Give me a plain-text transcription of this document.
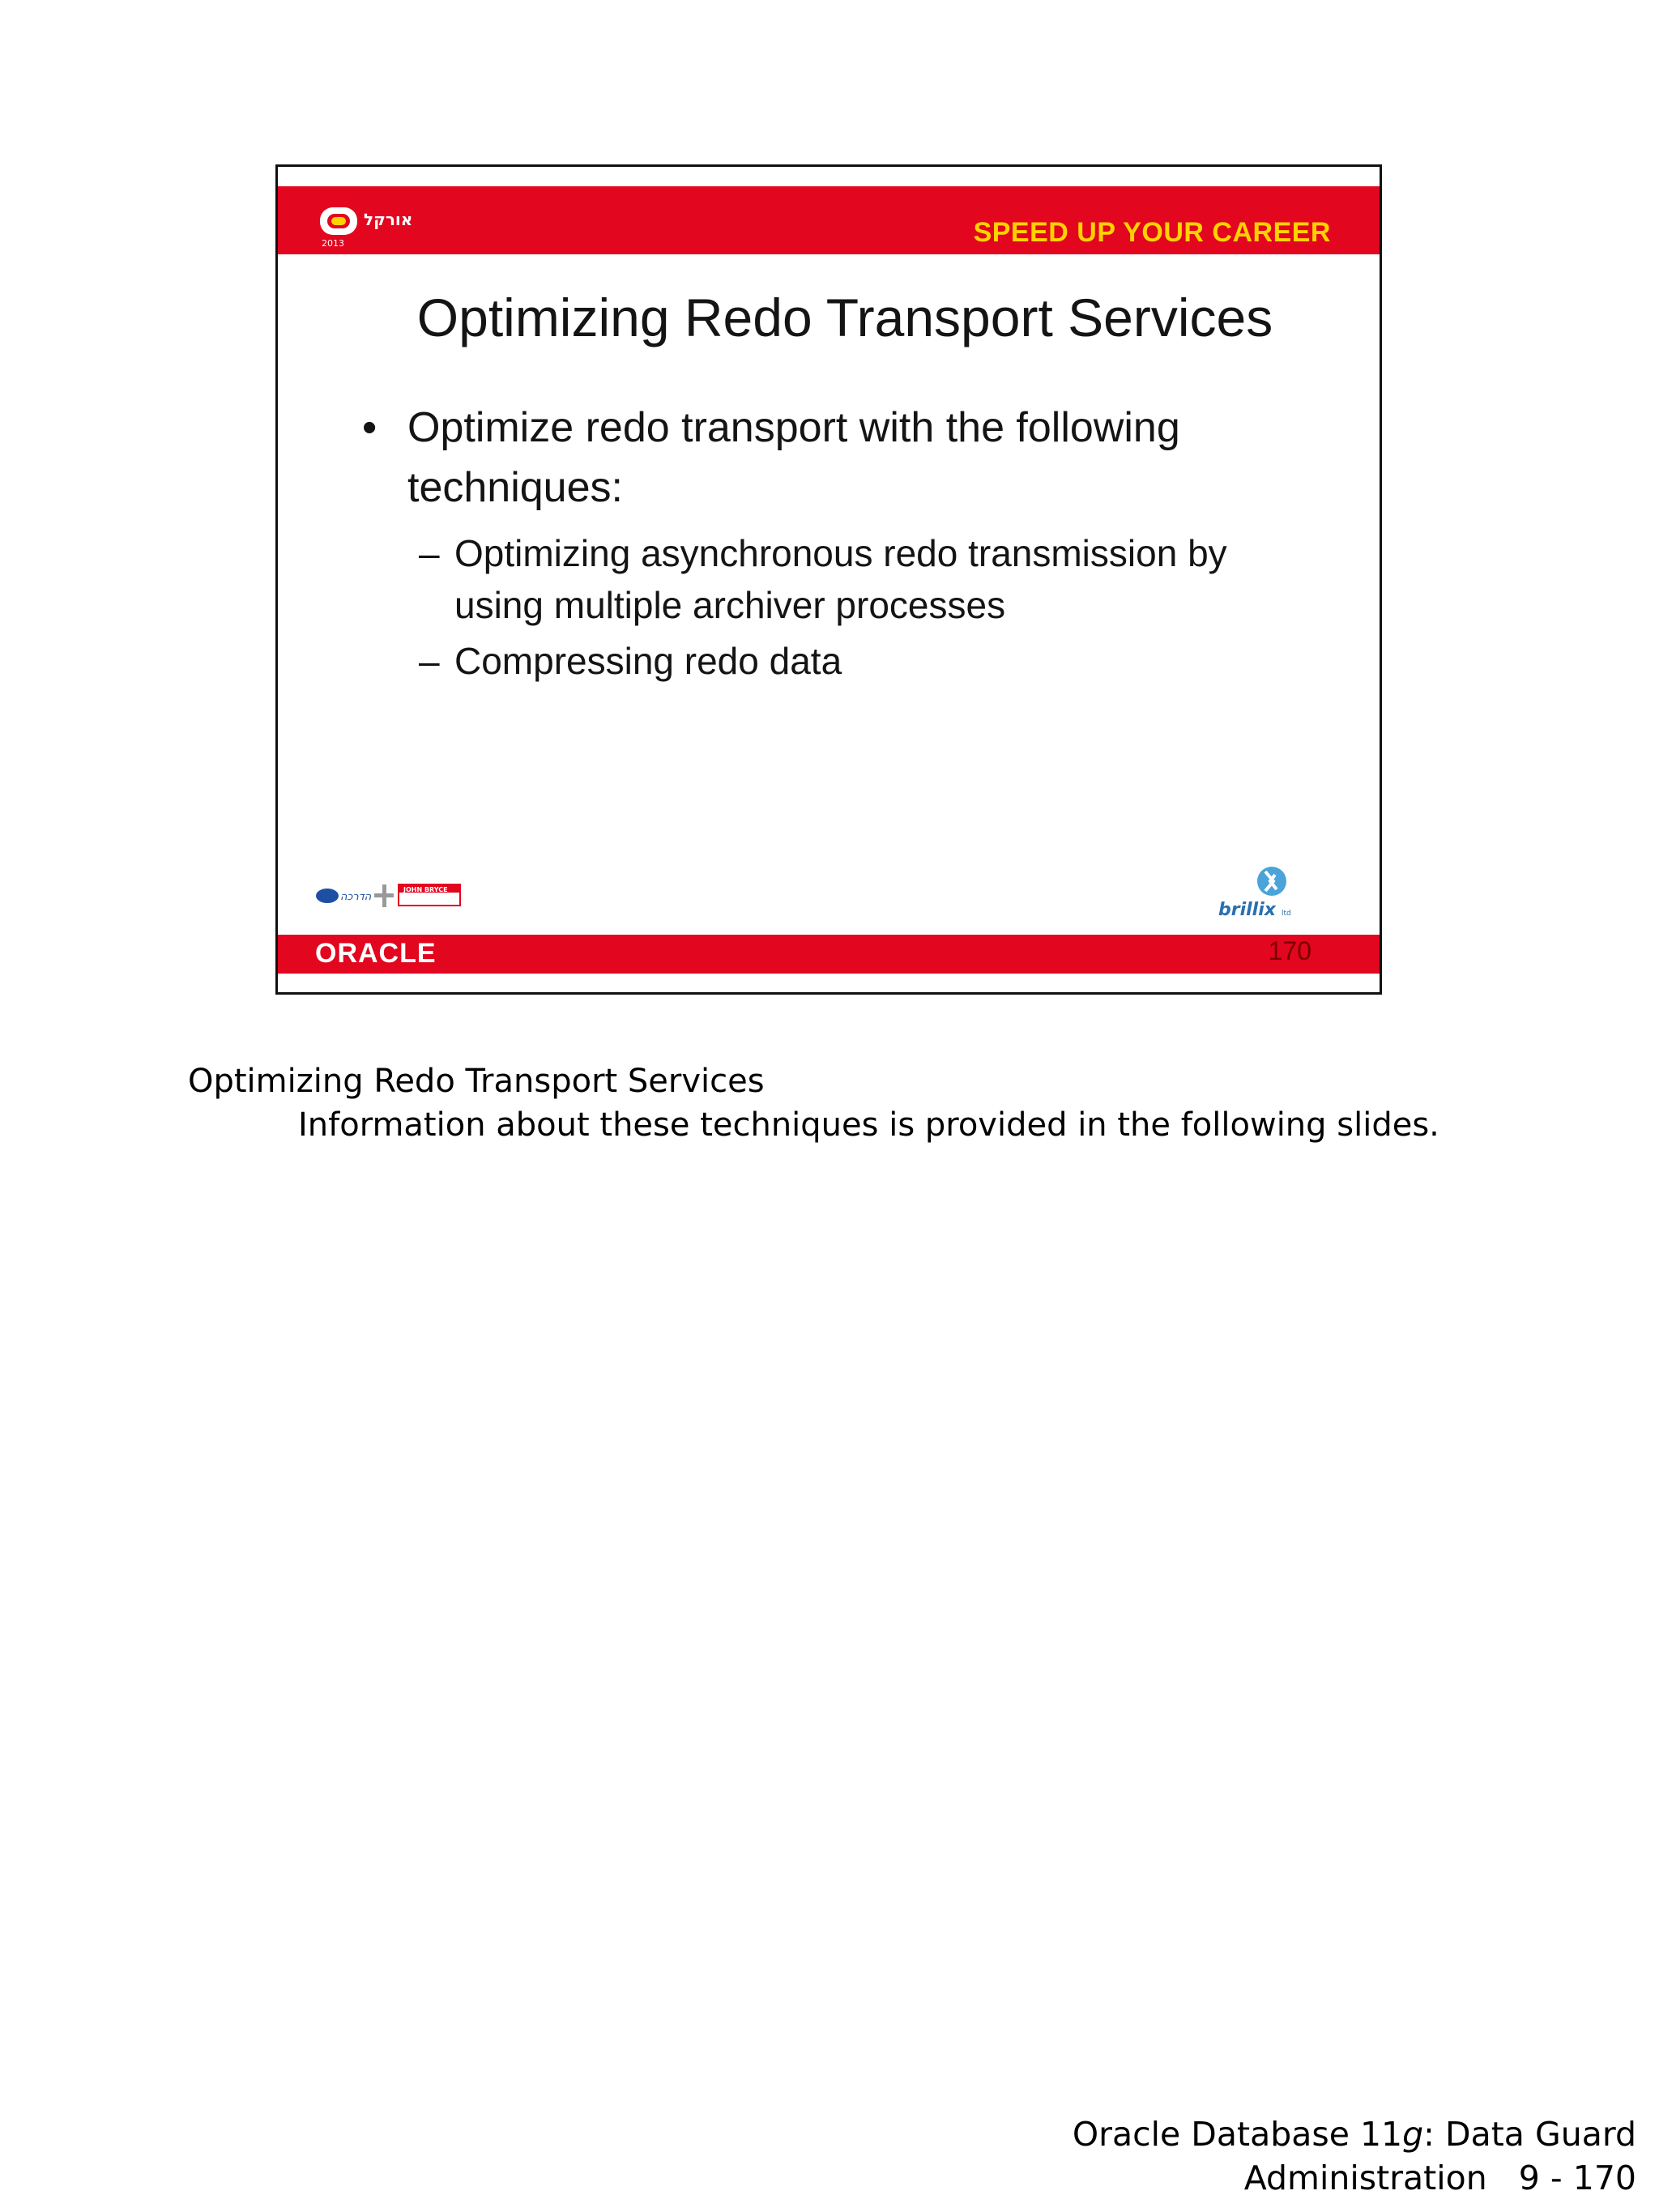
אורקל
2013	SPEED UP YOUR CAREER
Optimizing Redo Transport Services
• Optimize redo transport with the following techniques:
– Optimizing asynchronous redo transmission by using multiple archiver processes
– Compressing redo data
הדרכה
JOHN BRYCE
brillix ltd
ORACLE	170
Optimizing Redo Transport Services
Information about these techniques is provided in the following slides.
Oracle Database 11g: Data Guard
Administration   9 - 170
